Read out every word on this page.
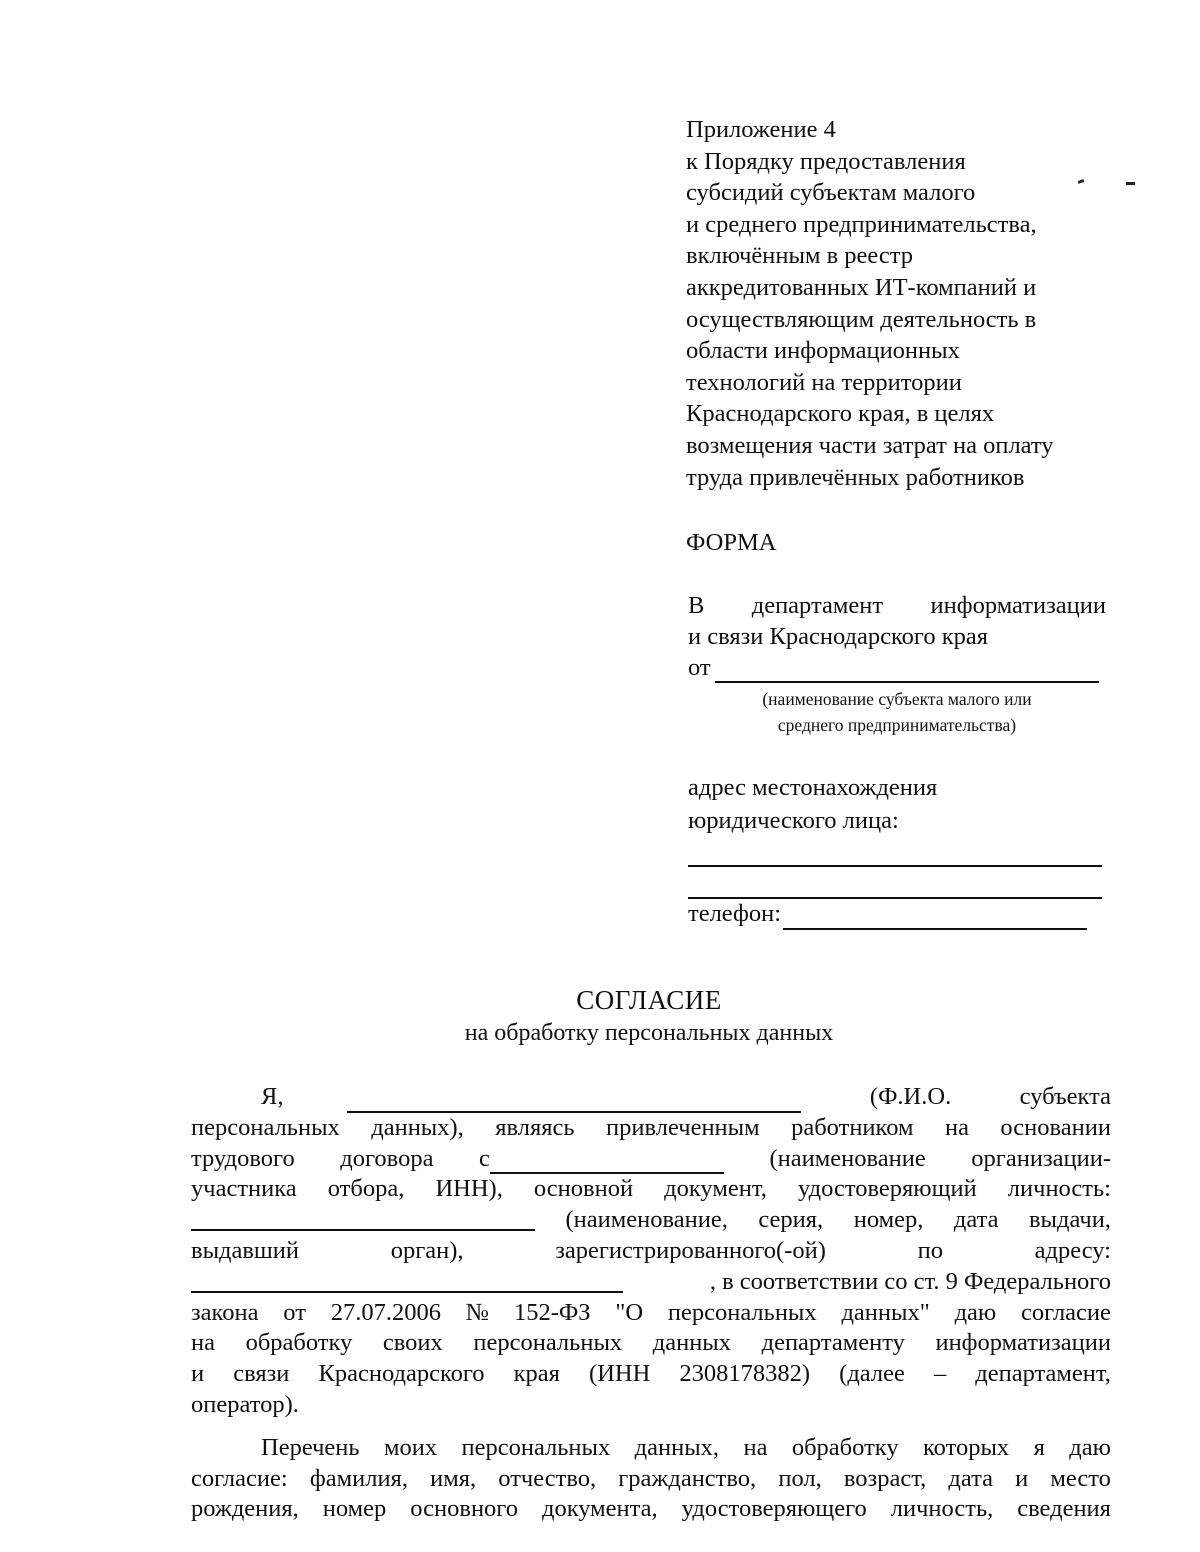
Приложение 4
к Порядку предоставления
субсидий субъектам малого
и среднего предпринимательства,
включённым в реестр
аккредитованных ИТ-компаний и
осуществляющим деятельность в
области информационных
технологий на территории
Краснодарского края, в целях
возмещения части затрат на оплату
труда привлечённых работников
ФОРМА
В департамент информатизации
и связи Краснодарского края
от
(наименование субъекта малого или
среднего предпринимательства)
адрес местонахождения
юридического лица:
телефон:
СОГЛАСИЕ
на обработку персональных данных
Я,	(Ф.И.О.	субъекта
персональных данных), являясь привлеченным работником на основании
трудового договора с	(наименование организации-
участника отбора, ИНН), основной документ, удостоверяющий личность:
(наименование, серия, номер, дата выдачи,
выдавший	орган),	зарегистрированного(-ой)	по	адресу:
, в соответствии со ст. 9 Федерального
закона от 27.07.2006 № 152-ФЗ "О персональных данных" даю согласие
на обработку своих персональных данных департаменту информатизации
и связи Краснодарского края (ИНН 2308178382) (далее – департамент,
оператор).
Перечень моих персональных данных, на обработку которых я даю
согласие: фамилия, имя, отчество, гражданство, пол, возраст, дата и место
рождения, номер основного документа, удостоверяющего личность, сведения
